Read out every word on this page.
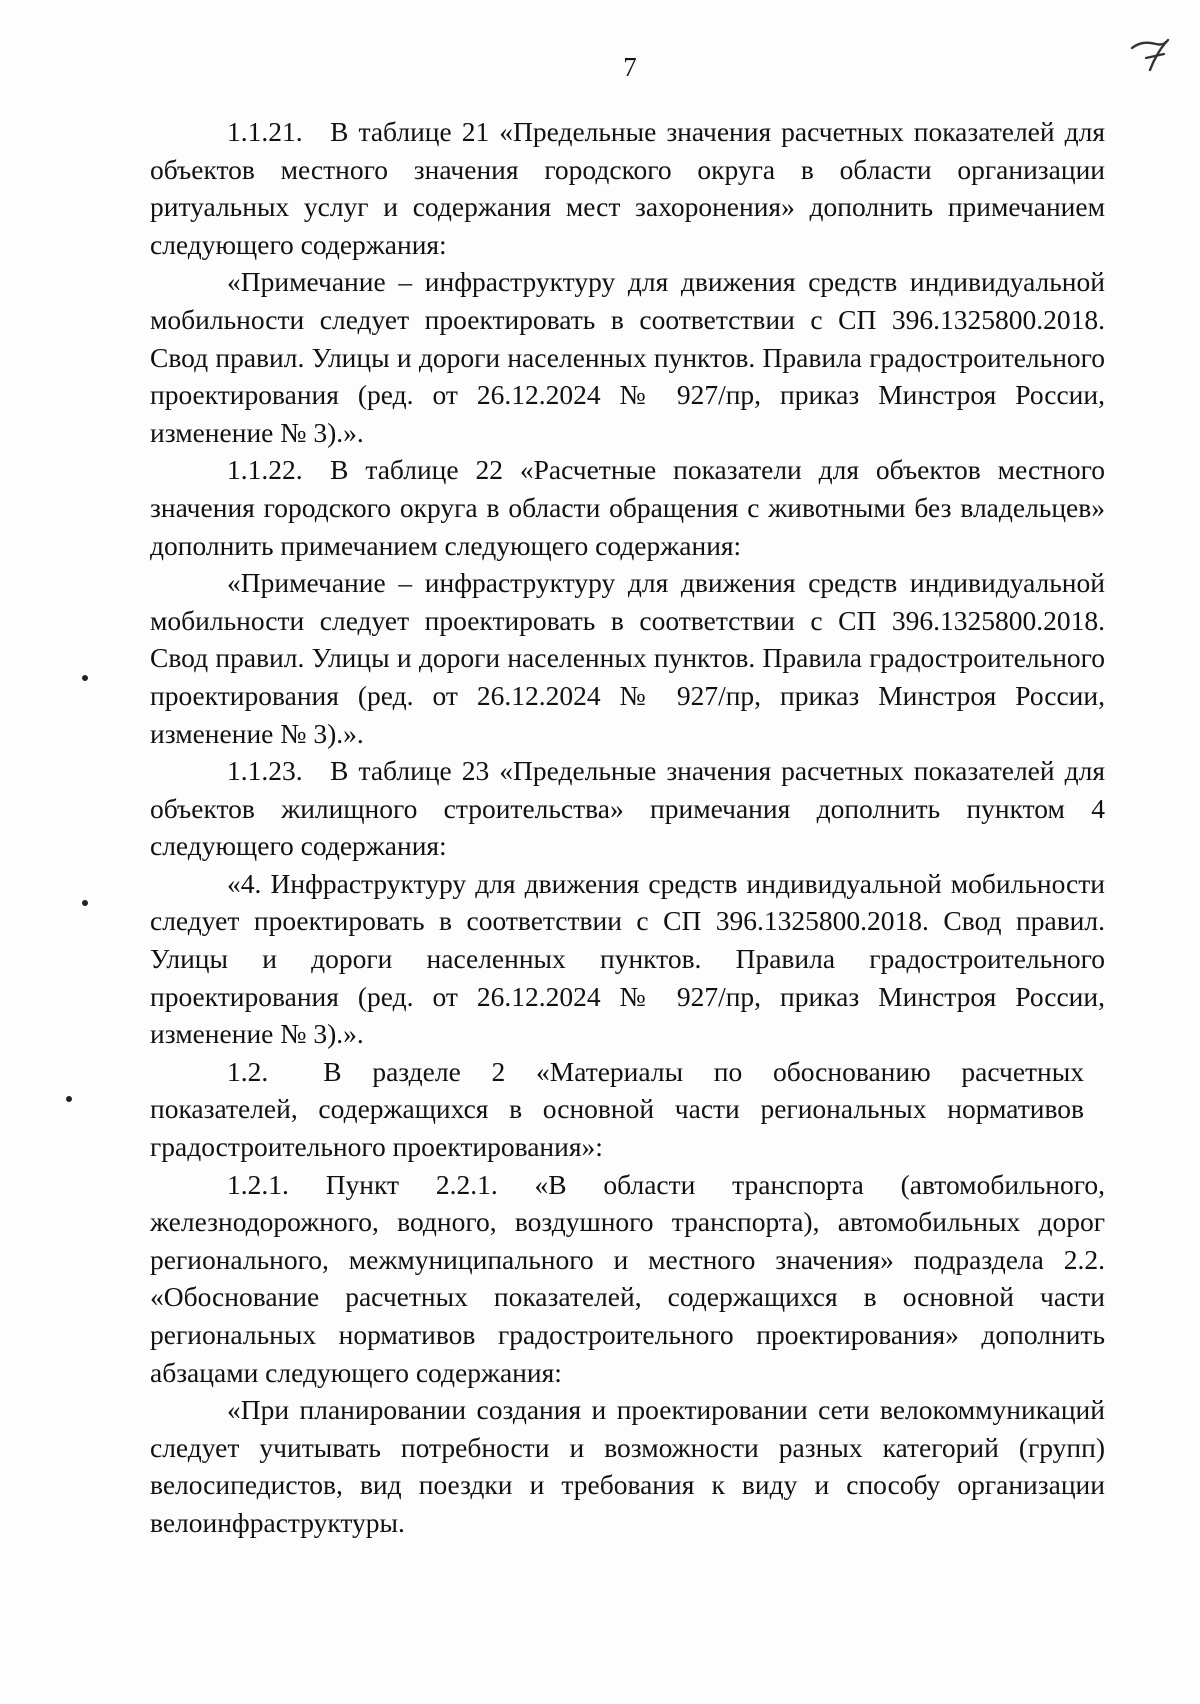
7

1.1.21. В таблице 21 «Предельные значения расчетных показателей для объектов местного значения городского округа в области организации ритуальных услуг и содержания мест захоронения» дополнить примечанием следующего содержания:

«Примечание – инфраструктуру для движения средств индивидуальной мобильности следует проектировать в соответствии с СП 396.1325800.2018. Свод правил. Улицы и дороги населенных пунктов. Правила градостроительного проектирования (ред. от 26.12.2024 № 927/пр, приказ Минстроя России, изменение № 3).».

1.1.22. В таблице 22 «Расчетные показатели для объектов местного значения городского округа в области обращения с животными без владельцев» дополнить примечанием следующего содержания:

«Примечание – инфраструктуру для движения средств индивидуальной мобильности следует проектировать в соответствии с СП 396.1325800.2018. Свод правил. Улицы и дороги населенных пунктов. Правила градостроительного проектирования (ред. от 26.12.2024 № 927/пр, приказ Минстроя России, изменение № 3).».

1.1.23. В таблице 23 «Предельные значения расчетных показателей для объектов жилищного строительства» примечания дополнить пунктом 4 следующего содержания:

«4. Инфраструктуру для движения средств индивидуальной мобильности следует проектировать в соответствии с СП 396.1325800.2018. Свод правил. Улицы и дороги населенных пунктов. Правила градостроительного проектирования (ред. от 26.12.2024 № 927/пр, приказ Минстроя России, изменение № 3).».

1.2.  В разделе 2 «Материалы по обоснованию расчетных показателей, содержащихся в основной части региональных нормативов градостроительного проектирования»:

1.2.1. Пункт 2.2.1. «В области транспорта (автомобильного, железнодорожного, водного, воздушного транспорта), автомобильных дорог регионального, межмуниципального и местного значения» подраздела 2.2. «Обоснование расчетных показателей, содержащихся в основной части региональных нормативов градостроительного проектирования» дополнить абзацами следующего содержания:

«При планировании создания и проектировании сети велокоммуникаций следует учитывать потребности и возможности разных категорий (групп) велосипедистов, вид поездки и требования к виду и способу организации велоинфраструктуры.
